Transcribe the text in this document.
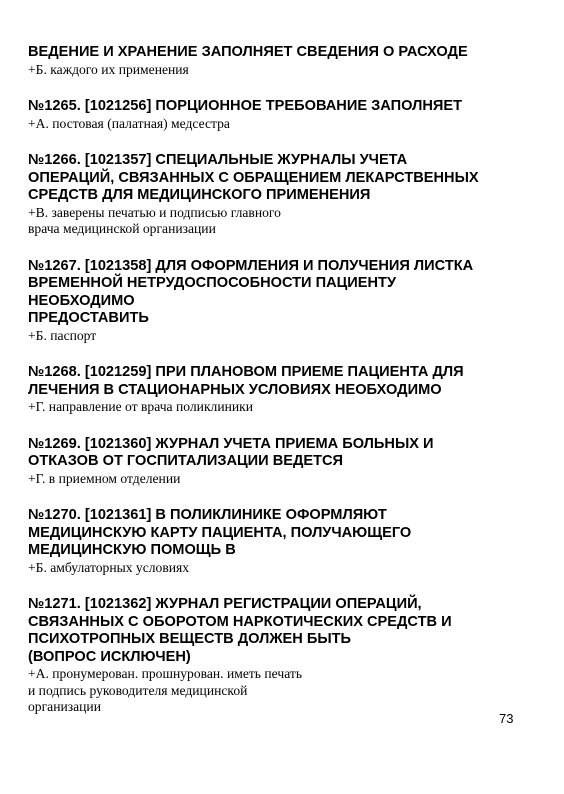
ВЕДЕНИЕ И ХРАНЕНИЕ ЗАПОЛНЯЕТ СВЕДЕНИЯ О РАСХОДЕ

+Б. каждого их применения

№1265. [1021256] ПОРЦИОННОЕ ТРЕБОВАНИЕ ЗАПОЛНЯЕТ

+А. постовая (палатная) медсестра

№1266. [1021357] СПЕЦИАЛЬНЫЕ ЖУРНАЛЫ УЧЕТА
ОПЕРАЦИЙ, СВЯЗАННЫХ С ОБРАЩЕНИЕМ ЛЕКАРСТВЕННЫХ
СРЕДСТВ ДЛЯ МЕДИЦИНСКОГО ПРИМЕНЕНИЯ

+В. заверены печатью и подписью главного
врача медицинской организации

№1267. [1021358] ДЛЯ ОФОРМЛЕНИЯ И ПОЛУЧЕНИЯ ЛИСТКА
ВРЕМЕННОЙ НЕТРУДОСПОСОБНОСТИ ПАЦИЕНТУ
НЕОБХОДИМО
ПРЕДОСТАВИТЬ

+Б. паспорт

№1268. [1021259] ПРИ ПЛАНОВОМ ПРИЕМЕ ПАЦИЕНТА ДЛЯ
ЛЕЧЕНИЯ В СТАЦИОНАРНЫХ УСЛОВИЯХ НЕОБХОДИМО

+Г. направление от врача поликлиники

№1269. [1021360] ЖУРНАЛ УЧЕТА ПРИЕМА БОЛЬНЫХ И
ОТКАЗОВ ОТ ГОСПИТАЛИЗАЦИИ ВЕДЕТСЯ

+Г. в приемном отделении

№1270. [1021361] В ПОЛИКЛИНИКЕ ОФОРМЛЯЮТ
МЕДИЦИНСКУЮ КАРТУ ПАЦИЕНТА, ПОЛУЧАЮЩЕГО
МЕДИЦИНСКУЮ ПОМОЩЬ В

+Б. амбулаторных условиях

№1271. [1021362] ЖУРНАЛ РЕГИСТРАЦИИ ОПЕРАЦИЙ,
СВЯЗАННЫХ С ОБОРОТОМ НАРКОТИЧЕСКИХ СРЕДСТВ И
ПСИХОТРОПНЫХ ВЕЩЕСТВ ДОЛЖЕН БЫТЬ
(ВОПРОС ИСКЛЮЧЕН)

+А. пронумерован. прошнурован. иметь печать
и подпись руководителя медицинской
организации

73
